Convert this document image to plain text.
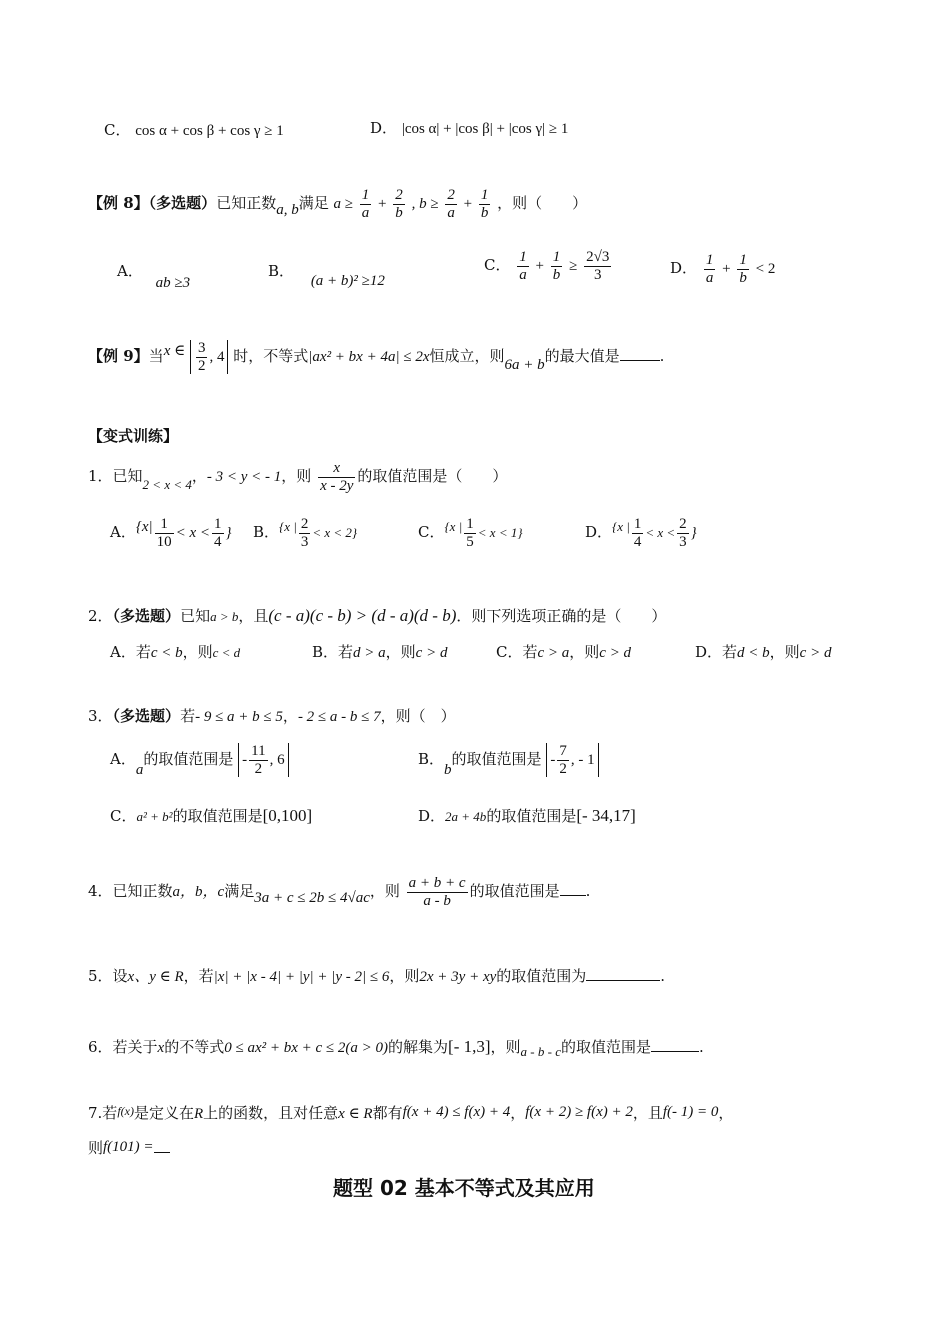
C． cos α + cos β + cos γ ≥ 1	D． |cos α| + |cos β| + |cos γ| ≥ 1
【例 8】（多选题）已知正数a, b满足 $a \ge \frac{1}{a} + \frac{2}{b}$ , $b \ge \frac{2}{a} + \frac{1}{b}$ ，则（　　）
A． ab ≥3
B． (a + b)² ≥12
C． $\frac{1}{a} + \frac{1}{b} \ge \frac{2√3}{3}$	D． $\frac{1}{a} + \frac{1}{b} < 2$
【例 9】当x ∈ $\frac{3}{2}$ , 4 时，不等式|ax² + bx + 4a| ≤ 2x恒成立，则6a + b的最大值是	.
【变式训练】
1．已知2 < x < 4，- 3 < y < - 1，则 $\frac{x}{x - 2y}$ 的取值范围是（　　）
A．{$x| \frac{1}{10} < x < \frac{1}{4}$ } B．{x | $\frac{2}{3} < x < 2$}	C．{x | $\frac{1}{5} < x < 1$}	D．{x | $\frac{1}{4} < x < \frac{2}{3}$ }
2．（多选题）已知a > b，且(c - a)(c - b) > (d - a)(d - b)．则下列选项正确的是（　　）
A．若c < b，则c < d	B．若d > a，则c > d	C．若c > a，则c > d	D．若d < b，则c > d
3．（多选题）若- 9 ≤ a + b ≤ 5，- 2 ≤ a - b ≤ 7，则（　）
A．a的取值范围是 - $\frac{11}{2}$ , 6	B．b的取值范围是 - $\frac{7}{2}$ , - 1
C．a² + b²的取值范围是[0,100]	D．2a + 4b的取值范围是[- 34,17]
4．已知正数a，b，c满足3a + c ≤ 2b ≤ 4√ac，则 $\frac{a + b + c}{a - b}$ 的取值范围是 .
5．设x、y ∈ R，若|x| + |x - 4| + |y| + |y - 2| ≤ 6，则2x + 3y + xy的取值范围为	.
6．若关于x的不等式0 ≤ ax² + bx + c ≤ 2(a > 0)的解集为[- 1,3]，则a - b - c的取值范围是	.
7.若$^{f(x)}$是定义在R上的函数，且对任意x ∈ R都有f(x + 4) ≤ f(x) + 4，f(x + 2) ≥ f(x) + 2，且f(- 1) = 0，
则f(101) =
题型 02 基本不等式及其应用
